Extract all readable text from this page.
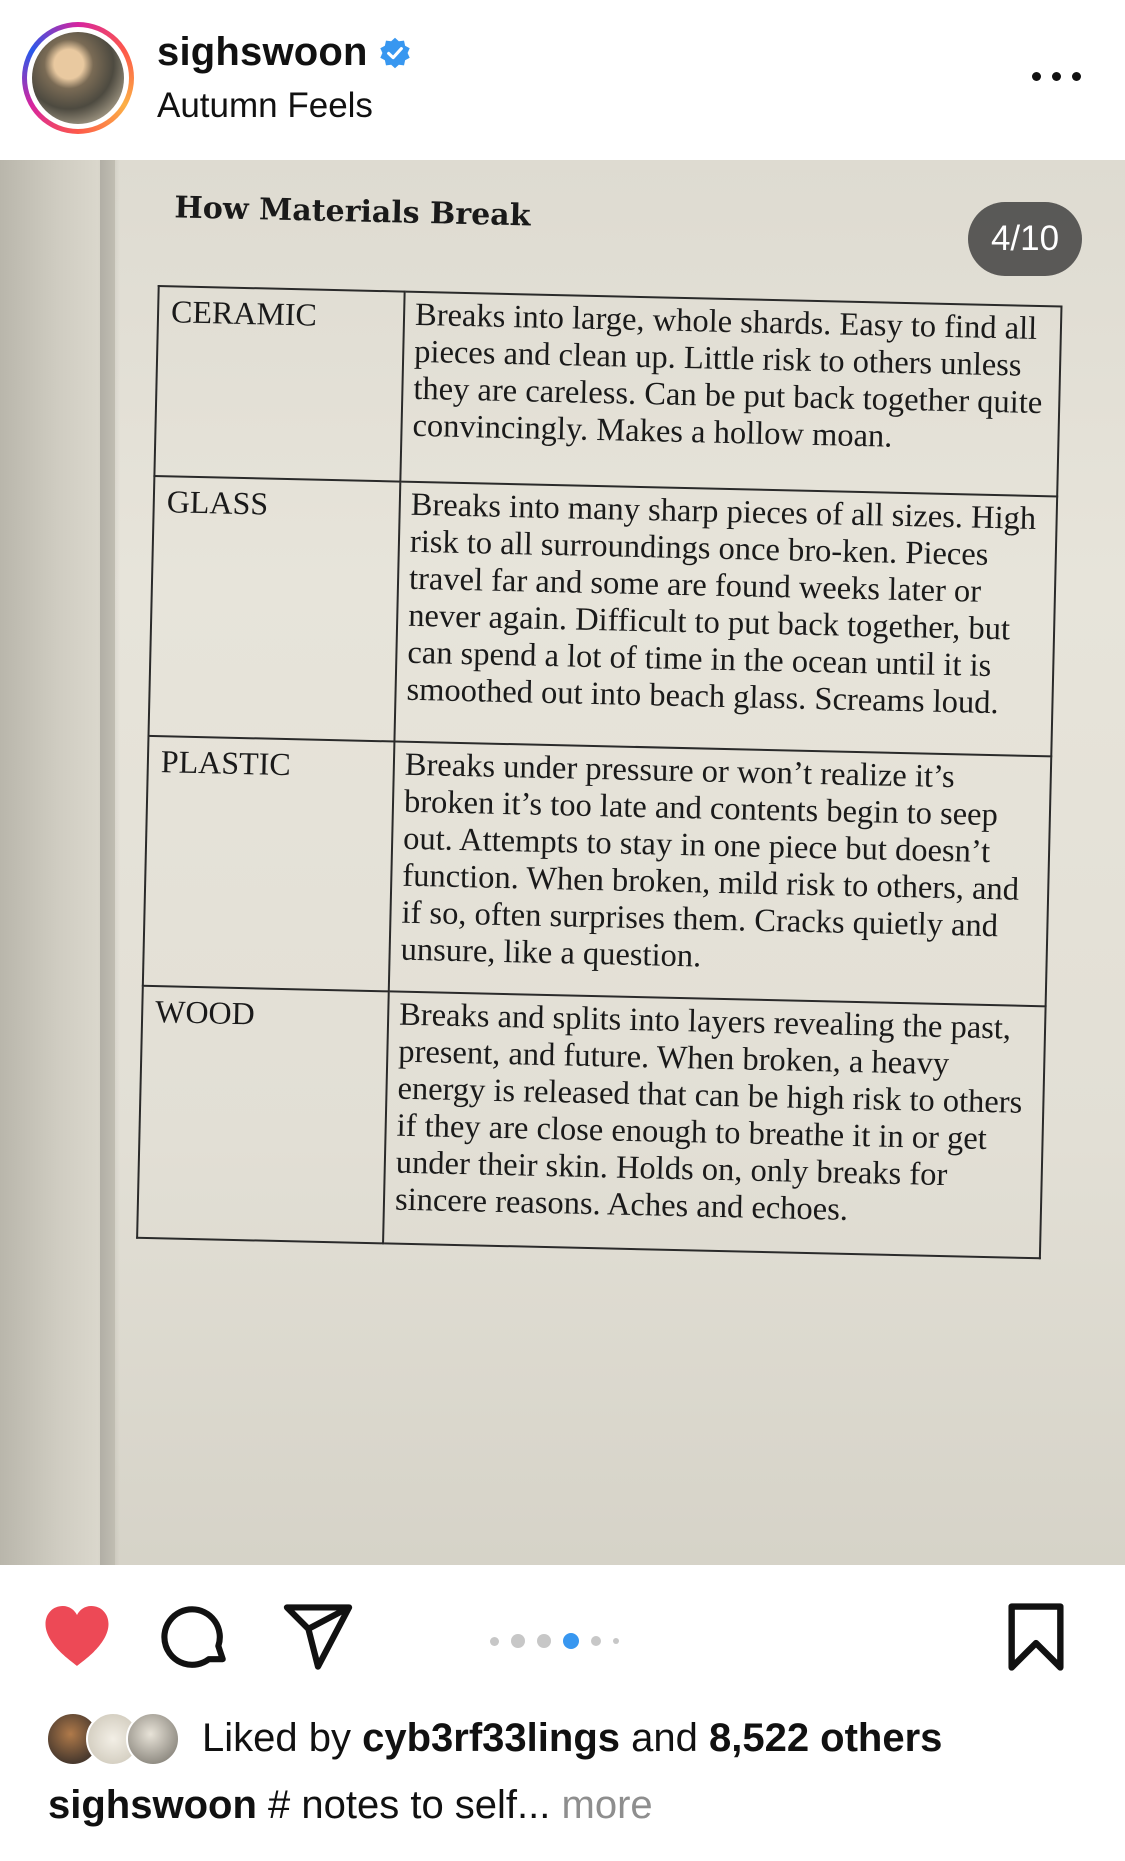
sighswoon
Autumn Feels
How Materials Break
CERAMIC	Breaks into large, whole shards. Easy to find all pieces and clean up. Little risk to others unless they are careless. Can be put back together quite convincingly. Makes a hollow moan.
GLASS	Breaks into many sharp pieces of all sizes. High risk to all surroundings once bro-ken. Pieces travel far and some are found weeks later or never again. Difficult to put back together, but can spend a lot of time in the ocean until it is smoothed out into beach glass. Screams loud.
PLASTIC	Breaks under pressure or won’t realize it’s broken it’s too late and contents begin to seep out. Attempts to stay in one piece but doesn’t function. When broken, mild risk to others, and if so, often surprises them. Cracks quietly and unsure, like a question.
WOOD	Breaks and splits into layers revealing the past, present, and future. When broken, a heavy energy is released that can be high risk to others if they are close enough to breathe it in or get under their skin. Holds on, only breaks for sincere reasons. Aches and echoes.
4/10
Liked by cyb3rf33lings and 8,522 others
sighswoon # notes to self... more
